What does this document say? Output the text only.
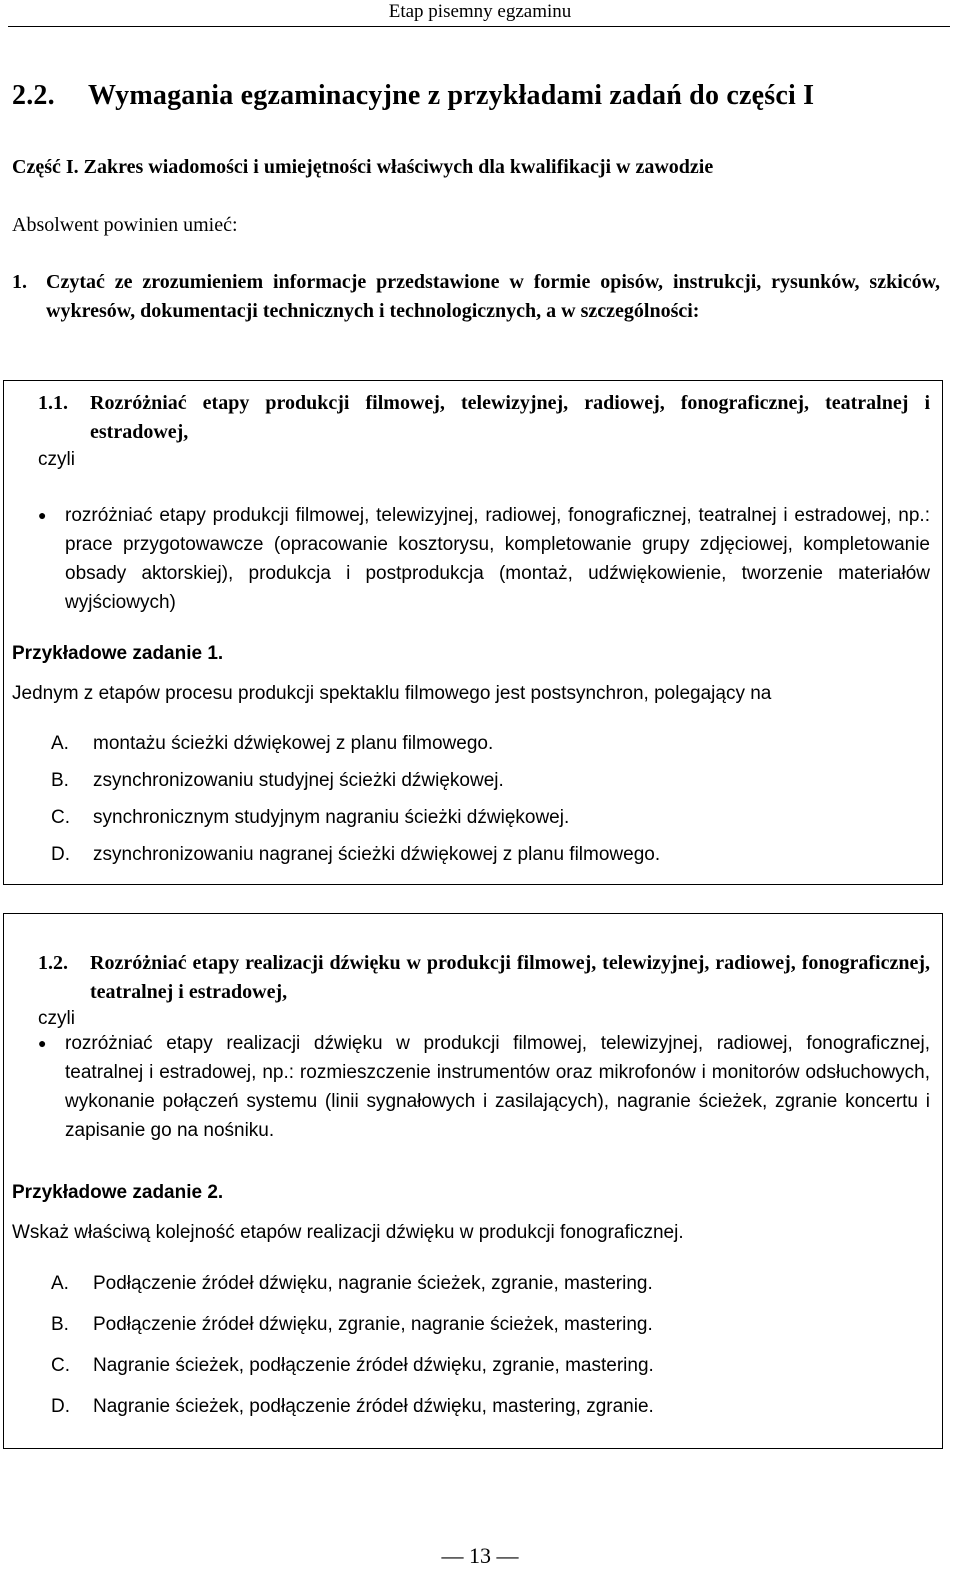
Etap pisemny egzaminu
2.2. Wymagania egzaminacyjne z przykładami zadań do części I
Część I. Zakres wiadomości i umiejętności właściwych dla kwalifikacji w zawodzie
Absolwent powinien umieć:
1. Czytać ze zrozumieniem informacje przedstawione w formie opisów, instrukcji, rysunków, szkiców, wykresów, dokumentacji technicznych i technologicznych, a w szczególności:
1.1. Rozróżniać etapy produkcji filmowej, telewizyjnej, radiowej, fonograficznej, teatralnej i estradowej,
czyli
● rozróżniać etapy produkcji filmowej, telewizyjnej, radiowej, fonograficznej, teatralnej i estradowej, np.: prace przygotowawcze (opracowanie kosztorysu, kompletowanie grupy zdjęciowej, kompletowanie obsady aktorskiej), produkcja i postprodukcja (montaż, udźwiękowienie, tworzenie materiałów wyjściowych)
Przykładowe zadanie 1.
Jednym z etapów procesu produkcji spektaklu filmowego jest postsynchron, polegający na
A. montażu ścieżki dźwiękowej z planu filmowego.
B. zsynchronizowaniu studyjnej ścieżki dźwiękowej.
C. synchronicznym studyjnym nagraniu ścieżki dźwiękowej.
D. zsynchronizowaniu nagranej ścieżki dźwiękowej z planu filmowego.
1.2. Rozróżniać etapy realizacji dźwięku w produkcji filmowej, telewizyjnej, radiowej, fonograficznej, teatralnej i estradowej,
czyli
● rozróżniać etapy realizacji dźwięku w produkcji filmowej, telewizyjnej, radiowej, fonograficznej, teatralnej i estradowej, np.: rozmieszczenie instrumentów oraz mikrofonów i monitorów odsłuchowych, wykonanie połączeń systemu (linii sygnałowych i zasilających), nagranie ścieżek, zgranie koncertu i zapisanie go na nośniku.
Przykładowe zadanie 2.
Wskaż właściwą kolejność etapów realizacji dźwięku w produkcji fonograficznej.
A. Podłączenie źródeł dźwięku, nagranie ścieżek, zgranie, mastering.
B. Podłączenie źródeł dźwięku, zgranie, nagranie ścieżek, mastering.
C. Nagranie ścieżek, podłączenie źródeł dźwięku, zgranie, mastering.
D. Nagranie ścieżek, podłączenie źródeł dźwięku, mastering, zgranie.
— 13 —
